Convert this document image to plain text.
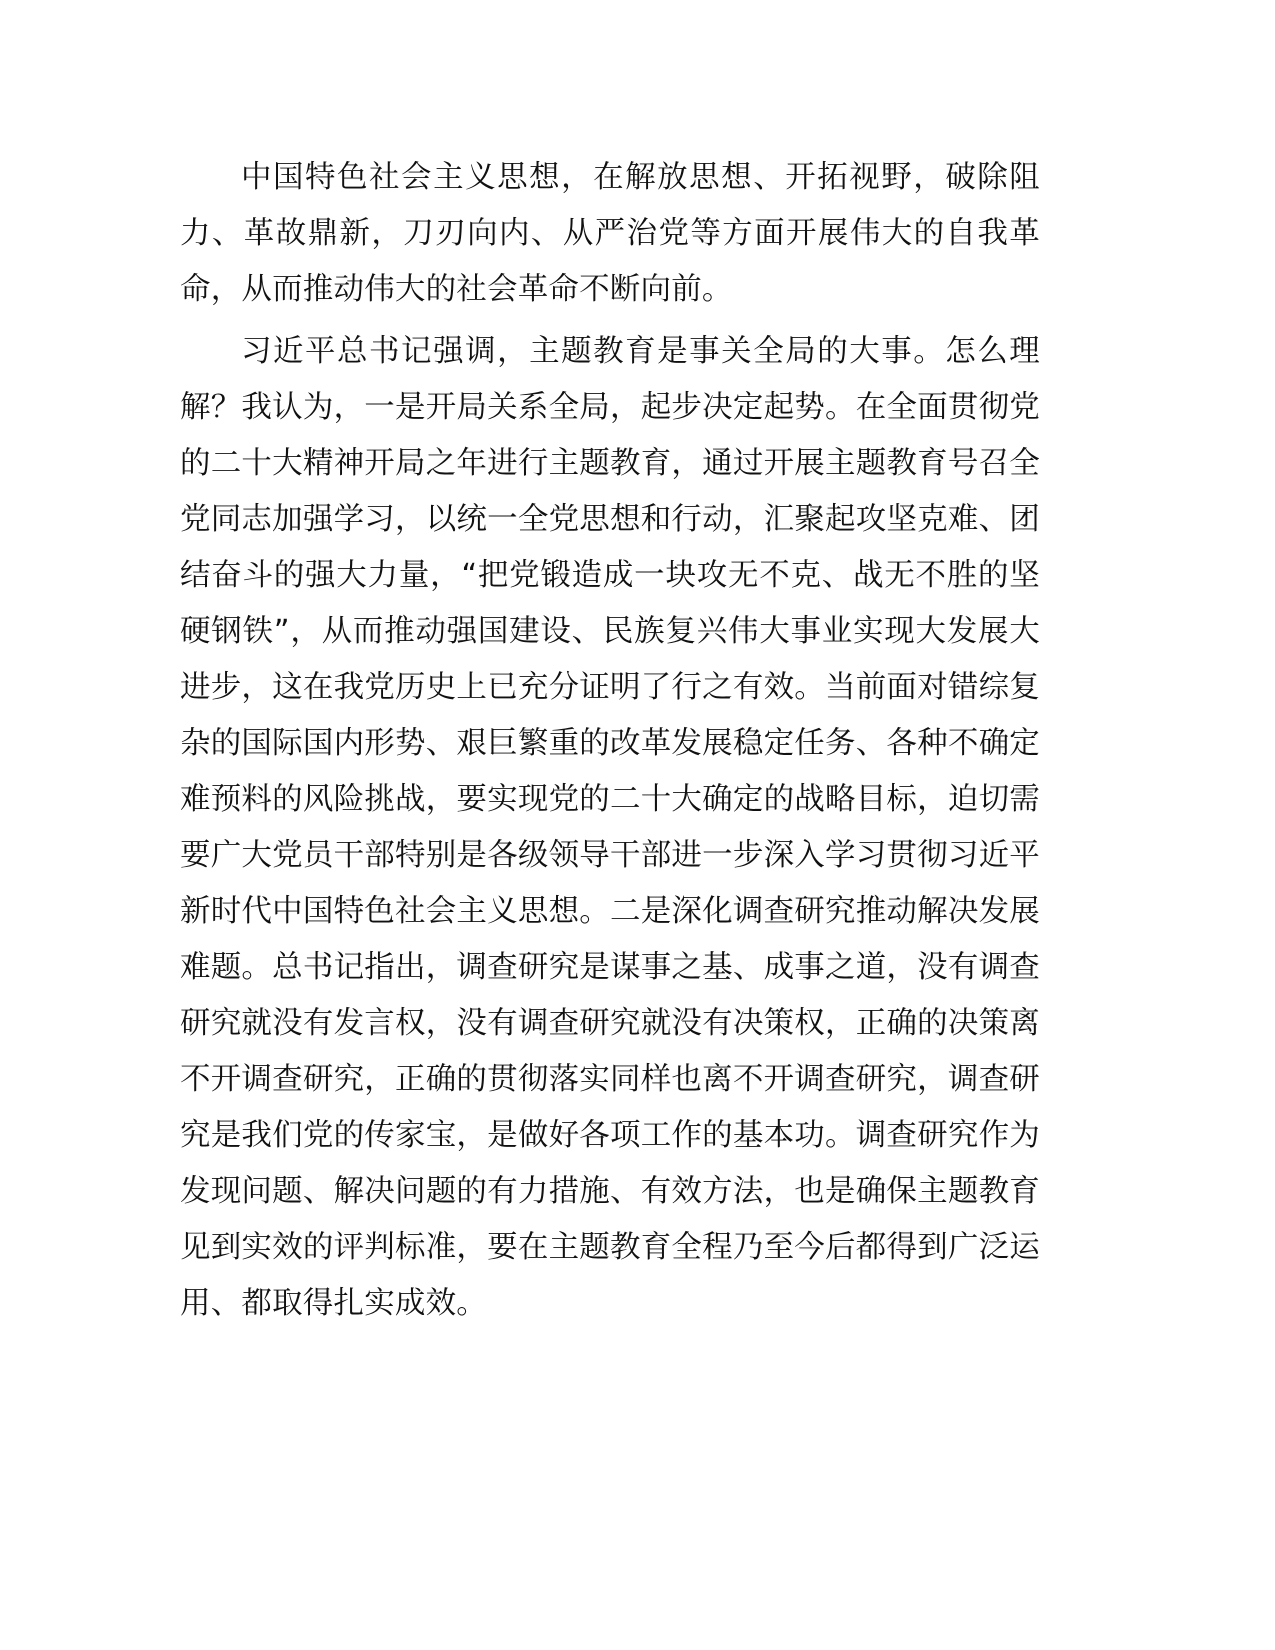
中国特色社会主义思想，在解放思想、开拓视野，破除阻力、革故鼎新，刀刃向内、从严治党等方面开展伟大的自我革命，从而推动伟大的社会革命不断向前。

习近平总书记强调，主题教育是事关全局的大事。怎么理解？我认为，一是开局关系全局，起步决定起势。在全面贯彻党的二十大精神开局之年进行主题教育，通过开展主题教育号召全党同志加强学习，以统一全党思想和行动，汇聚起攻坚克难、团结奋斗的强大力量，“把党锻造成一块攻无不克、战无不胜的坚硬钢铁”，从而推动强国建设、民族复兴伟大事业实现大发展大进步，这在我党历史上已充分证明了行之有效。当前面对错综复杂的国际国内形势、艰巨繁重的改革发展稳定任务、各种不确定难预料的风险挑战，要实现党的二十大确定的战略目标，迫切需要广大党员干部特别是各级领导干部进一步深入学习贯彻习近平新时代中国特色社会主义思想。二是深化调查研究推动解决发展难题。总书记指出，调查研究是谋事之基、成事之道，没有调查研究就没有发言权，没有调查研究就没有决策权，正确的决策离不开调查研究，正确的贯彻落实同样也离不开调查研究，调查研究是我们党的传家宝，是做好各项工作的基本功。调查研究作为发现问题、解决问题的有力措施、有效方法，也是确保主题教育见到实效的评判标准，要在主题教育全程乃至今后都得到广泛运用、都取得扎实成效。
